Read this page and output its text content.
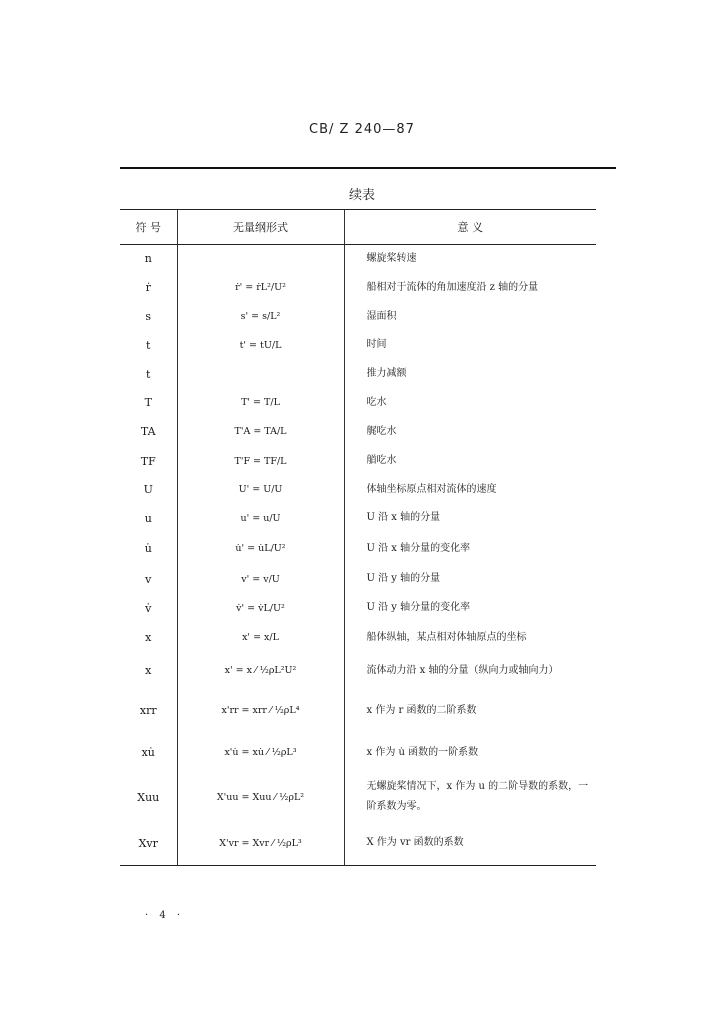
CB/ Z 240—87
续表
符 号	无量纲形式	意 义
n		螺旋桨转速
ṙ	ṙ' = ṙL²/U²	船相对于流体的角加速度沿 z 轴的分量
s	s' = s/L²	湿面积
t	t' = tU/L	时间
t		推力减额
T	T' = T/L	吃水
TA	T'A = TA/L	艉吃水
TF	T'F = TF/L	艏吃水
U	U' = U/U	体轴坐标原点相对流体的速度
u	u' = u/U	U 沿 x 轴的分量
u̇	u̇' = u̇L/U²	U 沿 x 轴分量的变化率
v	v' = v/U	U 沿 y 轴的分量
v̇	v̇' = v̇L/U²	U 沿 y 轴分量的变化率
x	x' = x/L	船体纵轴，某点相对体轴原点的坐标
x	x' = x ⁄ ½ρL²U²	流体动力沿 x 轴的分量（纵向力或轴向力）
xrr	x'rr = xrr ⁄ ½ρL⁴	x 作为 r 函数的二阶系数
xu̇	x'u̇ = xu̇ ⁄ ½ρL³	x 作为 u̇ 函数的一阶系数
Xuu	X'uu = Xuu ⁄ ½ρL²	无螺旋桨情况下，x 作为 u 的二阶导数的系数，一阶系数为零。
Xvr	X'vr = Xvr ⁄ ½ρL³	X 作为 vr 函数的系数
· 4 ·
